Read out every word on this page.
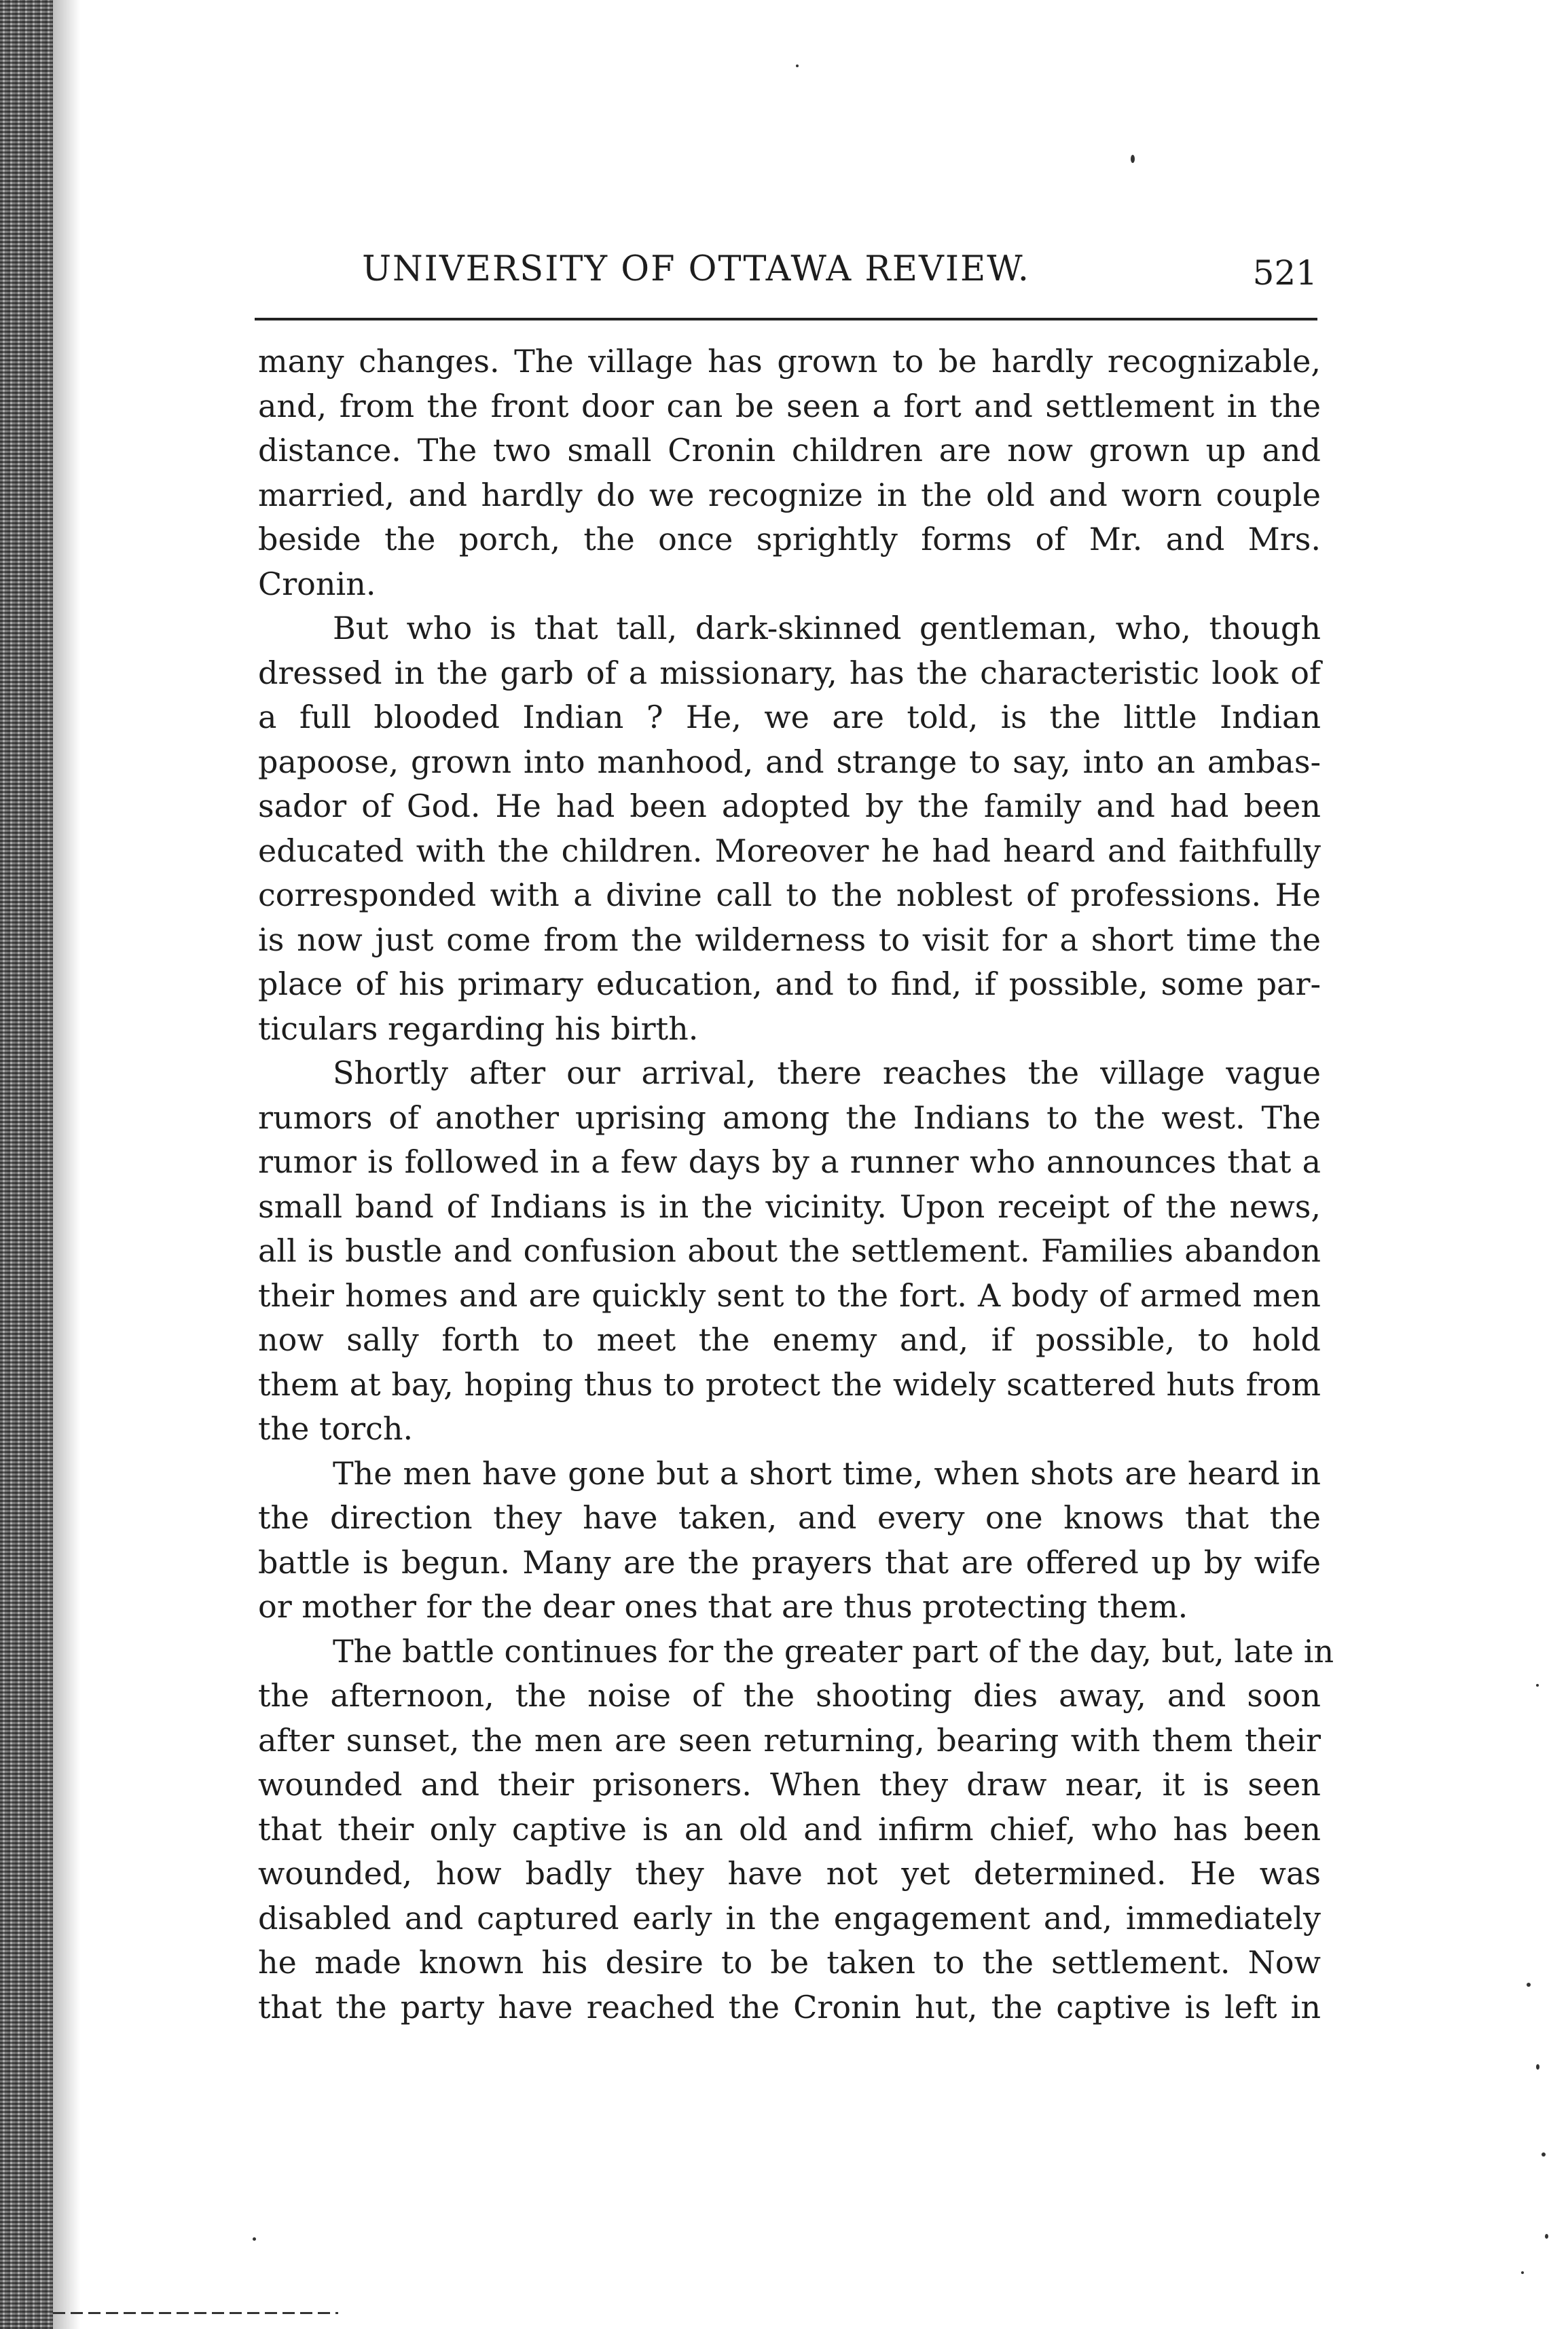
UNIVERSITY OF OTTAWA REVIEW.	521
many changes. The village has grown to be hardly recognizable,
and, from the front door can be seen a fort and settlement in the
distance. The two small Cronin children are now grown up and
married, and hardly do we recognize in the old and worn couple
beside the porch, the once sprightly forms of Mr. and Mrs.
Cronin.
But who is that tall, dark-skinned gentleman, who, though
dressed in the garb of a missionary, has the characteristic look of
a full blooded Indian ? He, we are told, is the little Indian
papoose, grown into manhood, and strange to say, into an ambas-
sador of God. He had been adopted by the family and had been
educated with the children. Moreover he had heard and faithfully
corresponded with a divine call to the noblest of professions. He
is now just come from the wilderness to visit for a short time the
place of his primary education, and to find, if possible, some par-
ticulars regarding his birth.
Shortly after our arrival, there reaches the village vague
rumors of another uprising among the Indians to the west. The
rumor is followed in a few days by a runner who announces that a
small band of Indians is in the vicinity. Upon receipt of the news,
all is bustle and confusion about the settlement. Families abandon
their homes and are quickly sent to the fort. A body of armed men
now sally forth to meet the enemy and, if possible, to hold
them at bay, hoping thus to protect the widely scattered huts from
the torch.
The men have gone but a short time, when shots are heard in
the direction they have taken, and every one knows that the
battle is begun. Many are the prayers that are offered up by wife
or mother for the dear ones that are thus protecting them.
The battle continues for the greater part of the day, but, late in
the afternoon, the noise of the shooting dies away, and soon
after sunset, the men are seen returning, bearing with them their
wounded and their prisoners. When they draw near, it is seen
that their only captive is an old and infirm chief, who has been
wounded, how badly they have not yet determined. He was
disabled and captured early in the engagement and, immediately
he made known his desire to be taken to the settlement. Now
that the party have reached the Cronin hut, the captive is left in
